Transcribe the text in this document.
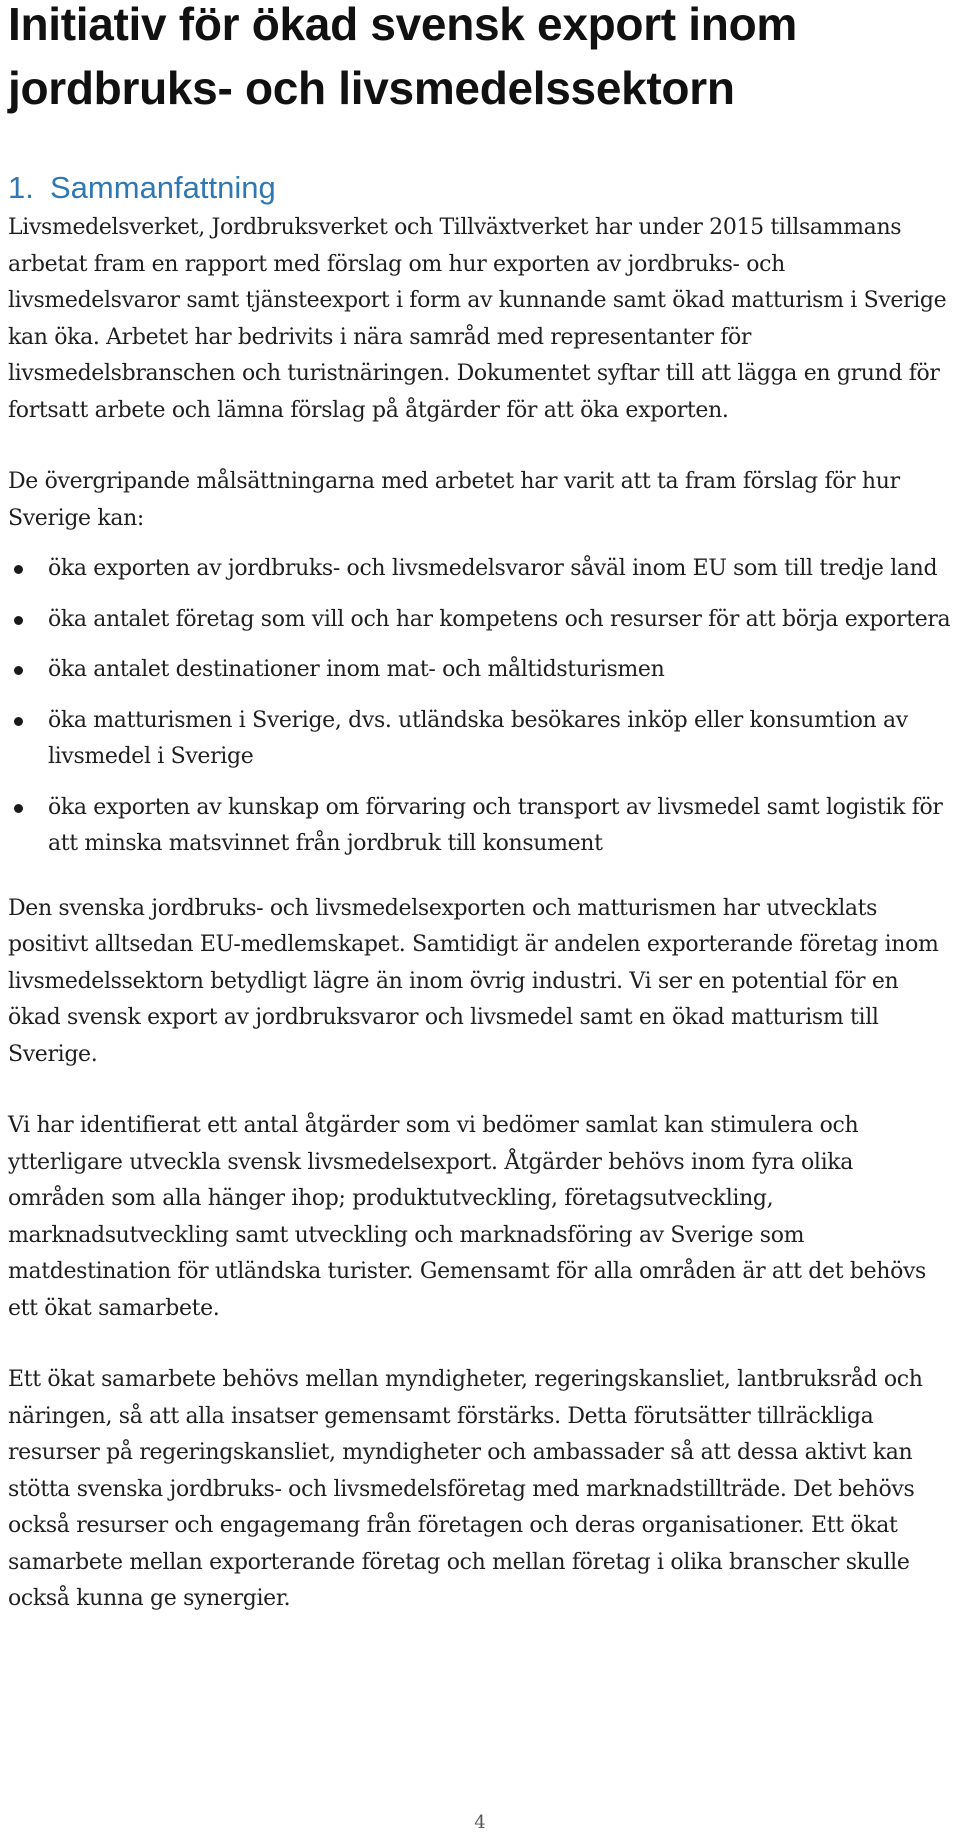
Initiativ för ökad svensk export inom
jordbruks- och livsmedelssektorn
1. Sammanfattning

Livsmedelsverket, Jordbruksverket och Tillväxtverket har under 2015 tillsammans arbetat fram en rapport med förslag om hur exporten av jordbruks- och livsmedelsvaror samt tjänsteexport i form av kunnande samt ökad matturism i Sverige kan öka. Arbetet har bedrivits i nära samråd med representanter för livsmedelsbranschen och turistnäringen. Dokumentet syftar till att lägga en grund för fortsatt arbete och lämna förslag på åtgärder för att öka exporten.

De övergripande målsättningarna med arbetet har varit att ta fram förslag för hur Sverige kan:

öka exporten av jordbruks- och livsmedelsvaror såväl inom EU som till tredje land
öka antalet företag som vill och har kompetens och resurser för att börja exportera
öka antalet destinationer inom mat- och måltidsturismen
öka matturismen i Sverige, dvs. utländska besökares inköp eller konsumtion av livsmedel i Sverige
öka exporten av kunskap om förvaring och transport av livsmedel samt logistik för att minska matsvinnet från jordbruk till konsument

Den svenska jordbruks- och livsmedelsexporten och matturismen har utvecklats positivt alltsedan EU-medlemskapet. Samtidigt är andelen exporterande företag inom livsmedelssektorn betydligt lägre än inom övrig industri. Vi ser en potential för en ökad svensk export av jordbruksvaror och livsmedel samt en ökad matturism till Sverige.

Vi har identifierat ett antal åtgärder som vi bedömer samlat kan stimulera och ytterligare utveckla svensk livsmedelsexport. Åtgärder behövs inom fyra olika områden som alla hänger ihop; produktutveckling, företagsutveckling, marknadsutveckling samt utveckling och marknadsföring av Sverige som matdestination för utländska turister. Gemensamt för alla områden är att det behövs ett ökat samarbete.

Ett ökat samarbete behövs mellan myndigheter, regeringskansliet, lantbruksråd och näringen, så att alla insatser gemensamt förstärks. Detta förutsätter tillräckliga resurser på regeringskansliet, myndigheter och ambassader så att dessa aktivt kan stötta svenska jordbruks- och livsmedelsföretag med marknadstillträde. Det behövs också resurser och engagemang från företagen och deras organisationer. Ett ökat samarbete mellan exporterande företag och mellan företag i olika branscher skulle också kunna ge synergier.

4
